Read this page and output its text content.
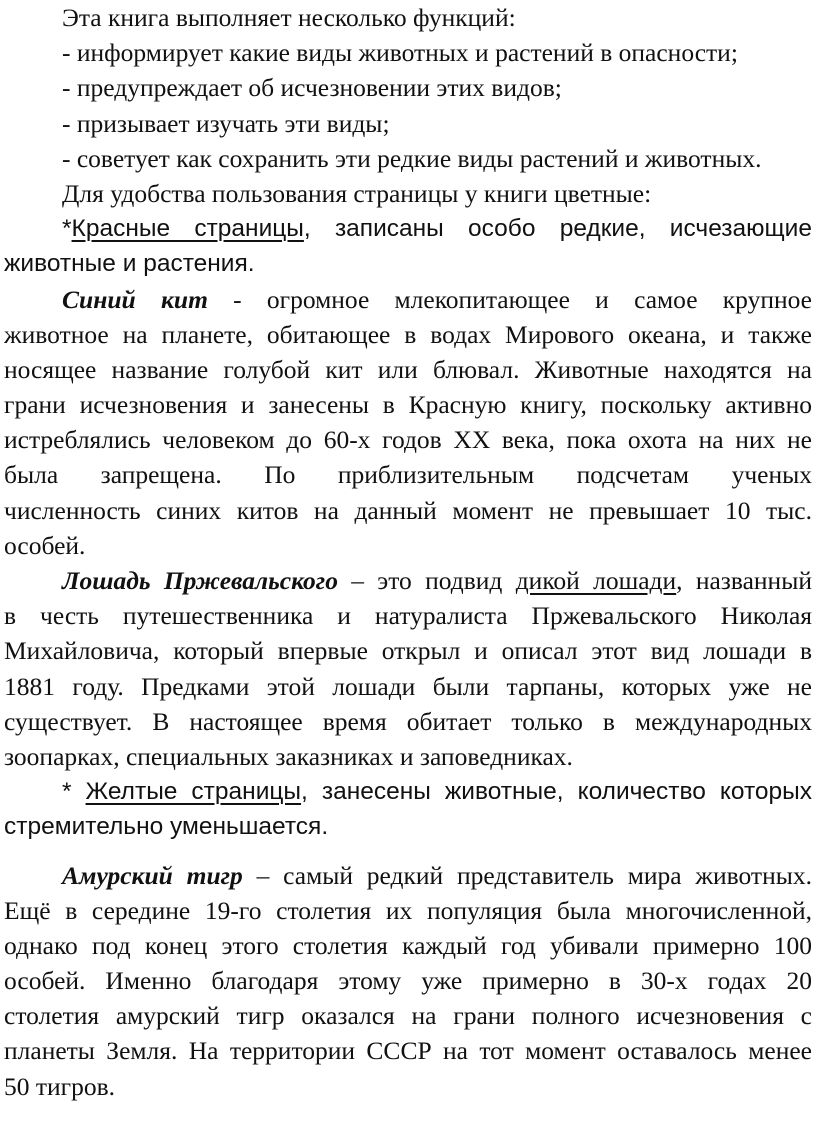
Эта книга выполняет несколько функций:
- информирует какие виды животных и растений в опасности;
- предупреждает об исчезновении этих видов;
- призывает изучать эти виды;
- советует как сохранить эти редкие виды растений и животных.
Для удобства пользования страницы у книги цветные:
*Красные страницы, записаны особо редкие, исчезающие
животные и растения.
Синий кит - огромное млекопитающее и самое крупное
животное на планете, обитающее в водах Мирового океана, и также
носящее название голубой кит или блювал. Животные находятся на
грани исчезновения и занесены в Красную книгу, поскольку активно
истреблялись человеком до 60-х годов XX века, пока охота на них не
была запрещена. По приблизительным подсчетам ученых
численность синих китов на данный момент не превышает 10 тыс.
особей.
Лошадь Пржевальского – это подвид дикой лошади, названный
в честь путешественника и натуралиста Пржевальского Николая
Михайловича, который впервые открыл и описал этот вид лошади в
1881 году. Предками этой лошади были тарпаны, которых уже не
существует. В настоящее время обитает только в международных
зоопарках, специальных заказниках и заповедниках.
* Желтые страницы, занесены животные, количество которых
стремительно уменьшается.
Амурский тигр – самый редкий представитель мира животных.
Ещё в середине 19-го столетия их популяция была многочисленной,
однако под конец этого столетия каждый год убивали примерно 100
особей. Именно благодаря этому уже примерно в 30-х годах 20
столетия амурский тигр оказался на грани полного исчезновения с
планеты Земля. На территории СССР на тот момент оставалось менее
50 тигров.
